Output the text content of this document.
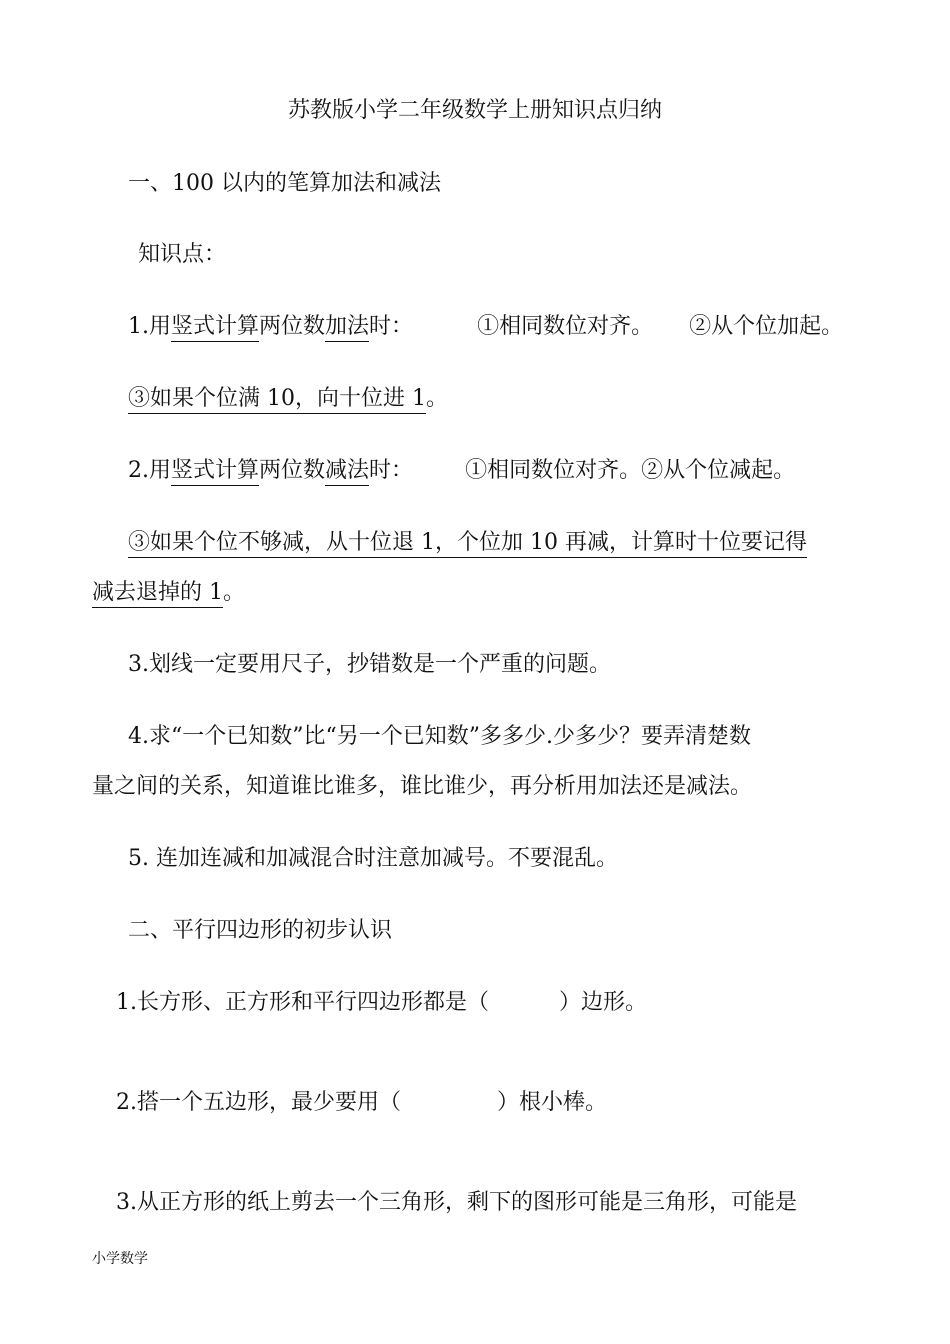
苏教版小学二年级数学上册知识点归纳
一、100 以内的笔算加法和减法
知识点：
1.用竖式计算两位数加法时：	①相同数位对齐。 ②从个位加起。
③如果个位满 10，向十位进 1。
2.用竖式计算两位数减法时： ①相同数位对齐。②从个位减起。
③如果个位不够减，从十位退 1，个位加 10 再减，计算时十位要记得
减去退掉的 1。
3.划线一定要用尺子，抄错数是一个严重的问题。
4.求“一个已知数”比“另一个已知数”多多少.少多少？要弄清楚数
量之间的关系，知道谁比谁多，谁比谁少，再分析用加法还是减法。
5. 连加连减和加减混合时注意加减号。不要混乱。
二、平行四边形的初步认识
1.长方形、正方形和平行四边形都是（	）边形。
2.搭一个五边形，最少要用（	）根小棒。
3.从正方形的纸上剪去一个三角形，剩下的图形可能是三角形，可能是
小学数学
